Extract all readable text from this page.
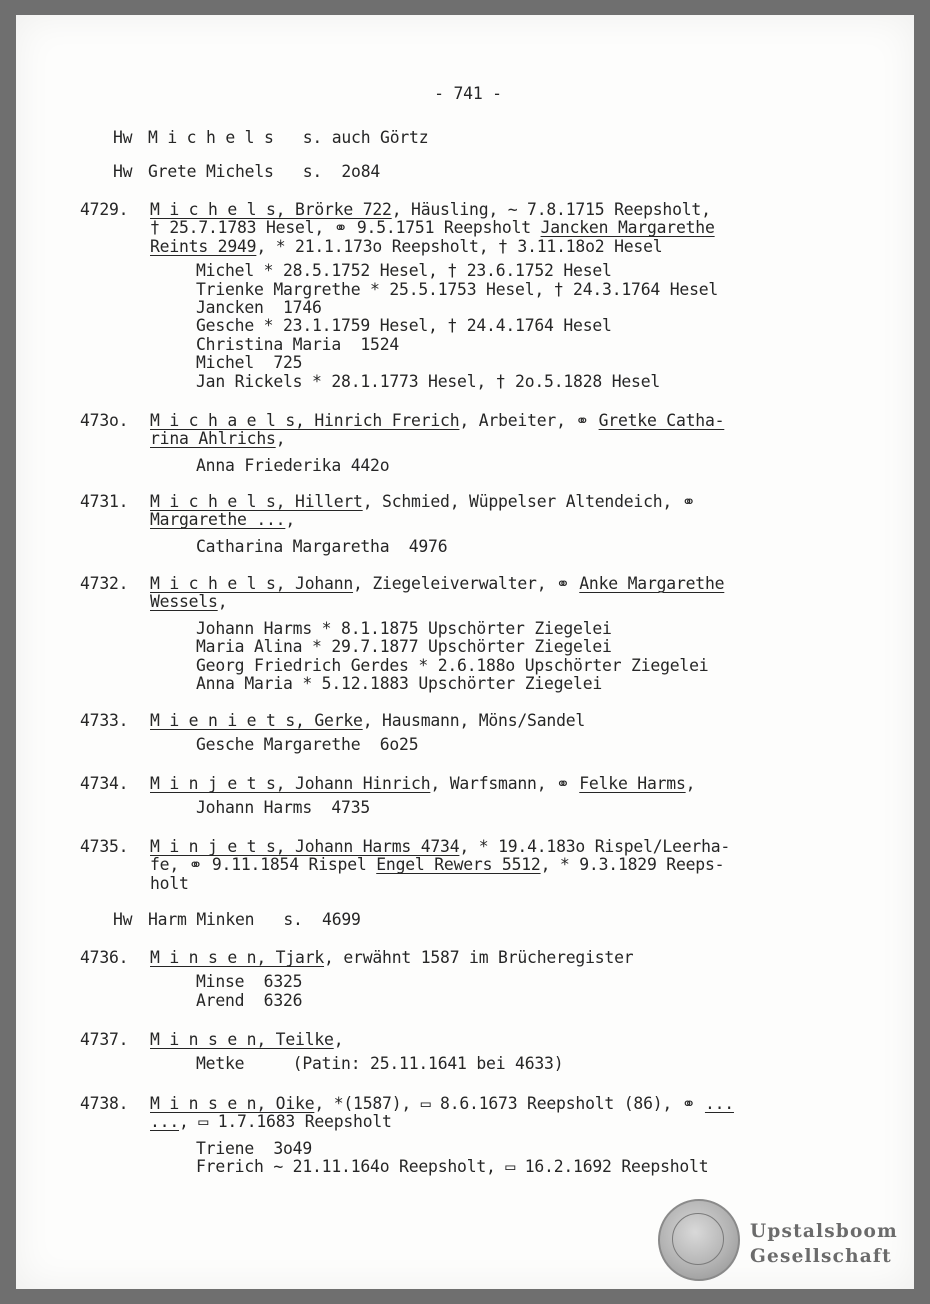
- 741 -
Hw M i c h e l s   s. auch Görtz
Hw Grete Michels   s.  2o84
Hw Harm Minken   s.  4699
4729.	M i c h e l s, Brörke 722, Häusling, ~ 7.8.1715 Reepsholt,
† 25.7.1783 Hesel, ⚭ 9.5.1751 Reepsholt Jancken Margarethe
Reints 2949, * 21.1.173o Reepsholt, † 3.11.18o2 Hesel
Michel * 28.5.1752 Hesel, † 23.6.1752 Hesel
Trienke Margrethe * 25.5.1753 Hesel, † 24.3.1764 Hesel
Jancken  1746
Gesche * 23.1.1759 Hesel, † 24.4.1764 Hesel
Christina Maria  1524
Michel  725
Jan Rickels * 28.1.1773 Hesel, † 2o.5.1828 Hesel
473o.	M i c h a e l s, Hinrich Frerich, Arbeiter, ⚭ Gretke Catha-
rina Ahlrichs,
Anna Friederika 442o
4731.	M i c h e l s, Hillert, Schmied, Wüppelser Altendeich, ⚭
Margarethe ...,
Catharina Margaretha  4976
4732.	M i c h e l s, Johann, Ziegeleiverwalter, ⚭ Anke Margarethe
Wessels,
Johann Harms * 8.1.1875 Upschörter Ziegelei
Maria Alina * 29.7.1877 Upschörter Ziegelei
Georg Friedrich Gerdes * 2.6.188o Upschörter Ziegelei
Anna Maria * 5.12.1883 Upschörter Ziegelei
4733.	M i e n i e t s, Gerke, Hausmann, Möns/Sandel
Gesche Margarethe  6o25
4734.	M i n j e t s, Johann Hinrich, Warfsmann, ⚭ Felke Harms,
Johann Harms  4735
4735.	M i n j e t s, Johann Harms 4734, * 19.4.183o Rispel/Leerha-
fe, ⚭ 9.11.1854 Rispel Engel Rewers 5512, * 9.3.1829 Reeps-
holt
4736.	M i n s e n, Tjark, erwähnt 1587 im Brücheregister
Minse  6325
Arend  6326
4737.	M i n s e n, Teilke,
Metke     (Patin: 25.11.1641 bei 4633)
4738.	M i n s e n, Oike, *(1587), ▭ 8.6.1673 Reepsholt (86), ⚭ ...
..., ▭ 1.7.1683 Reepsholt
Triene  3o49
Frerich ~ 21.11.164o Reepsholt, ▭ 16.2.1692 Reepsholt
Upstalsboom
Gesellschaft
